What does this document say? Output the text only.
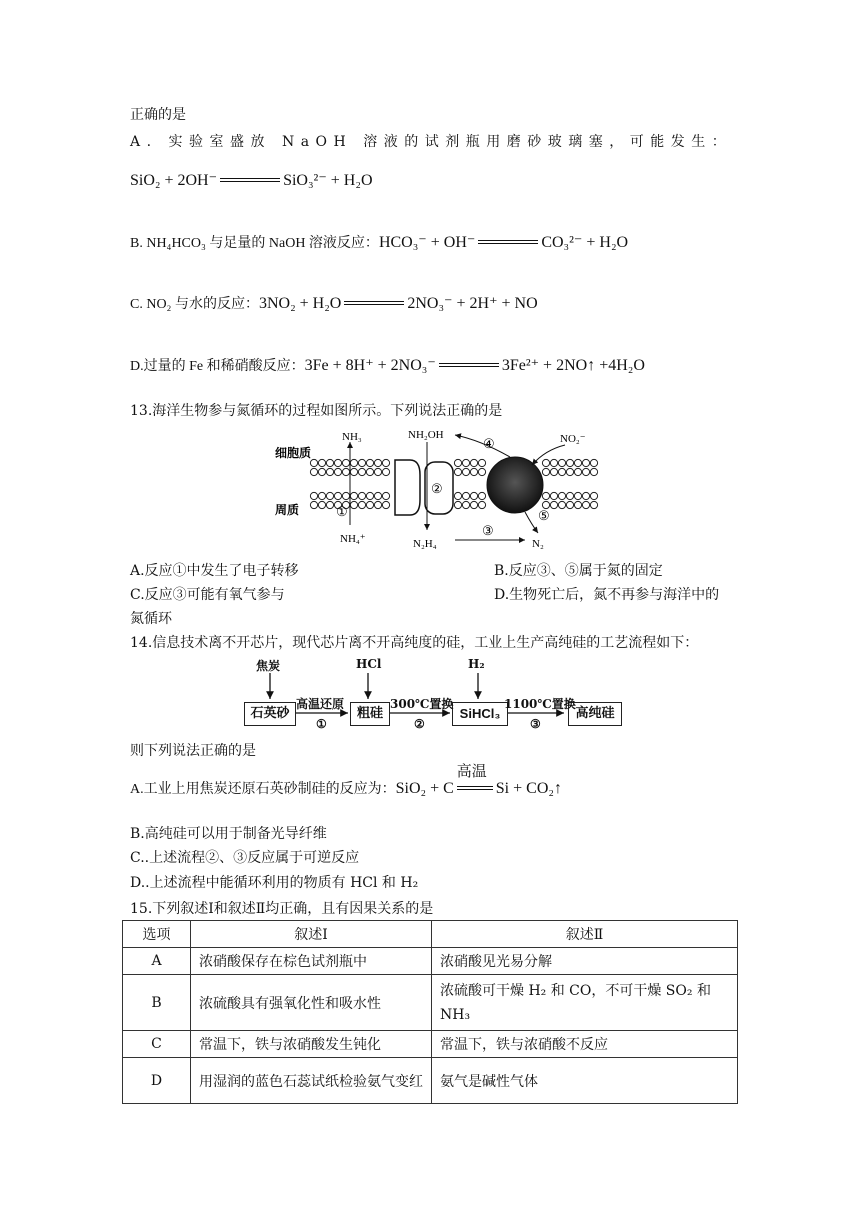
正确的是
A. 实验室盛放 NaOH 溶液的试剂瓶用磨砂玻璃塞，可能发生：
SiO₂ + 2OH⁻	SiO₃²⁻ + H₂O
B. NH₄HCO₃ 与足量的 NaOH 溶液反应：HCO₃⁻ + OH⁻	CO₃²⁻ + H₂O
C. NO₂ 与水的反应：3NO₂ + H₂O	2NO₃⁻ + 2H⁺ + NO
D.过量的 Fe 和稀硝酸反应：3Fe + 8H⁺ + 2NO₃⁻	3Fe²⁺ + 2NO↑ +4H₂O
13.海洋生物参与氮循环的过程如图所示。下列说法正确的是
细胞质
周质
NH₃	NH₂OH	NO₂⁻
NH₄⁺	N₂H₄	N₂
①
②
③
④
⑤
A.反应①中发生了电子转移	B.反应③、⑤属于氮的固定
C.反应③可能有氧气参与	D.生物死亡后，氮不再参与海洋中的
氮循环
14.信息技术离不开芯片，现代芯片离不开高纯度的硅，工业上生产高纯硅的工艺流程如下：
焦炭	HCl	H₂
石英砂	粗硅	SiHCl₃	高纯硅
高温还原
①
300℃置换
②
1100℃置换
③
则下列说法正确的是
A.工业上用焦炭还原石英砂制硅的反应为：SiO₂ + C
高温
Si + CO₂↑
B.高纯硅可以用于制备光导纤维
C..上述流程②、③反应属于可逆反应
D..上述流程中能循环利用的物质有 HCl 和 H₂
15.下列叙述Ⅰ和叙述Ⅱ均正确，且有因果关系的是
选项	叙述Ⅰ	叙述Ⅱ
A	浓硝酸保存在棕色试剂瓶中	浓硝酸见光易分解
B	浓硫酸具有强氧化性和吸水性	浓硫酸可干燥 H₂ 和 CO，不可干燥 SO₂ 和 NH₃
C	常温下，铁与浓硝酸发生钝化	常温下，铁与浓硝酸不反应
D	用湿润的蓝色石蕊试纸检验氨气变红	氨气是碱性气体
